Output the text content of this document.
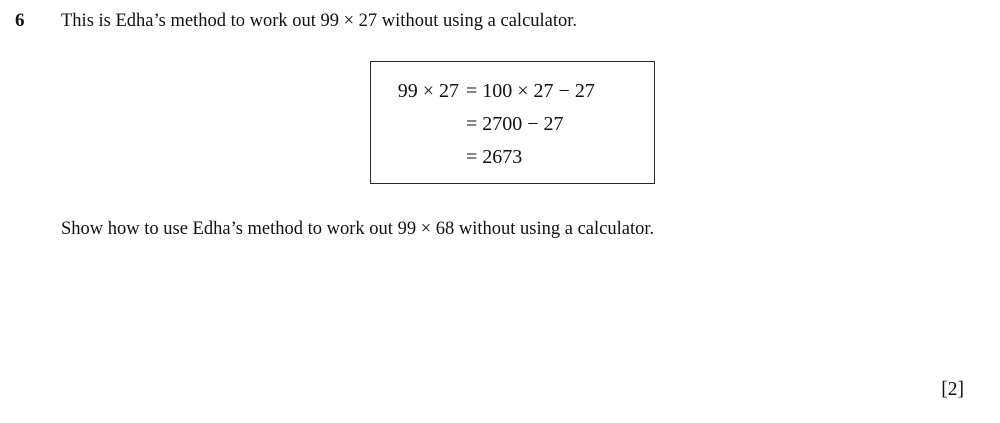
6 This is Edha’s method to work out 99 × 27 without using a calculator.
99 × 27 = 100 × 27 − 27
= 2700 − 27
= 2673
Show how to use Edha’s method to work out 99 × 68 without using a calculator.
[2]
